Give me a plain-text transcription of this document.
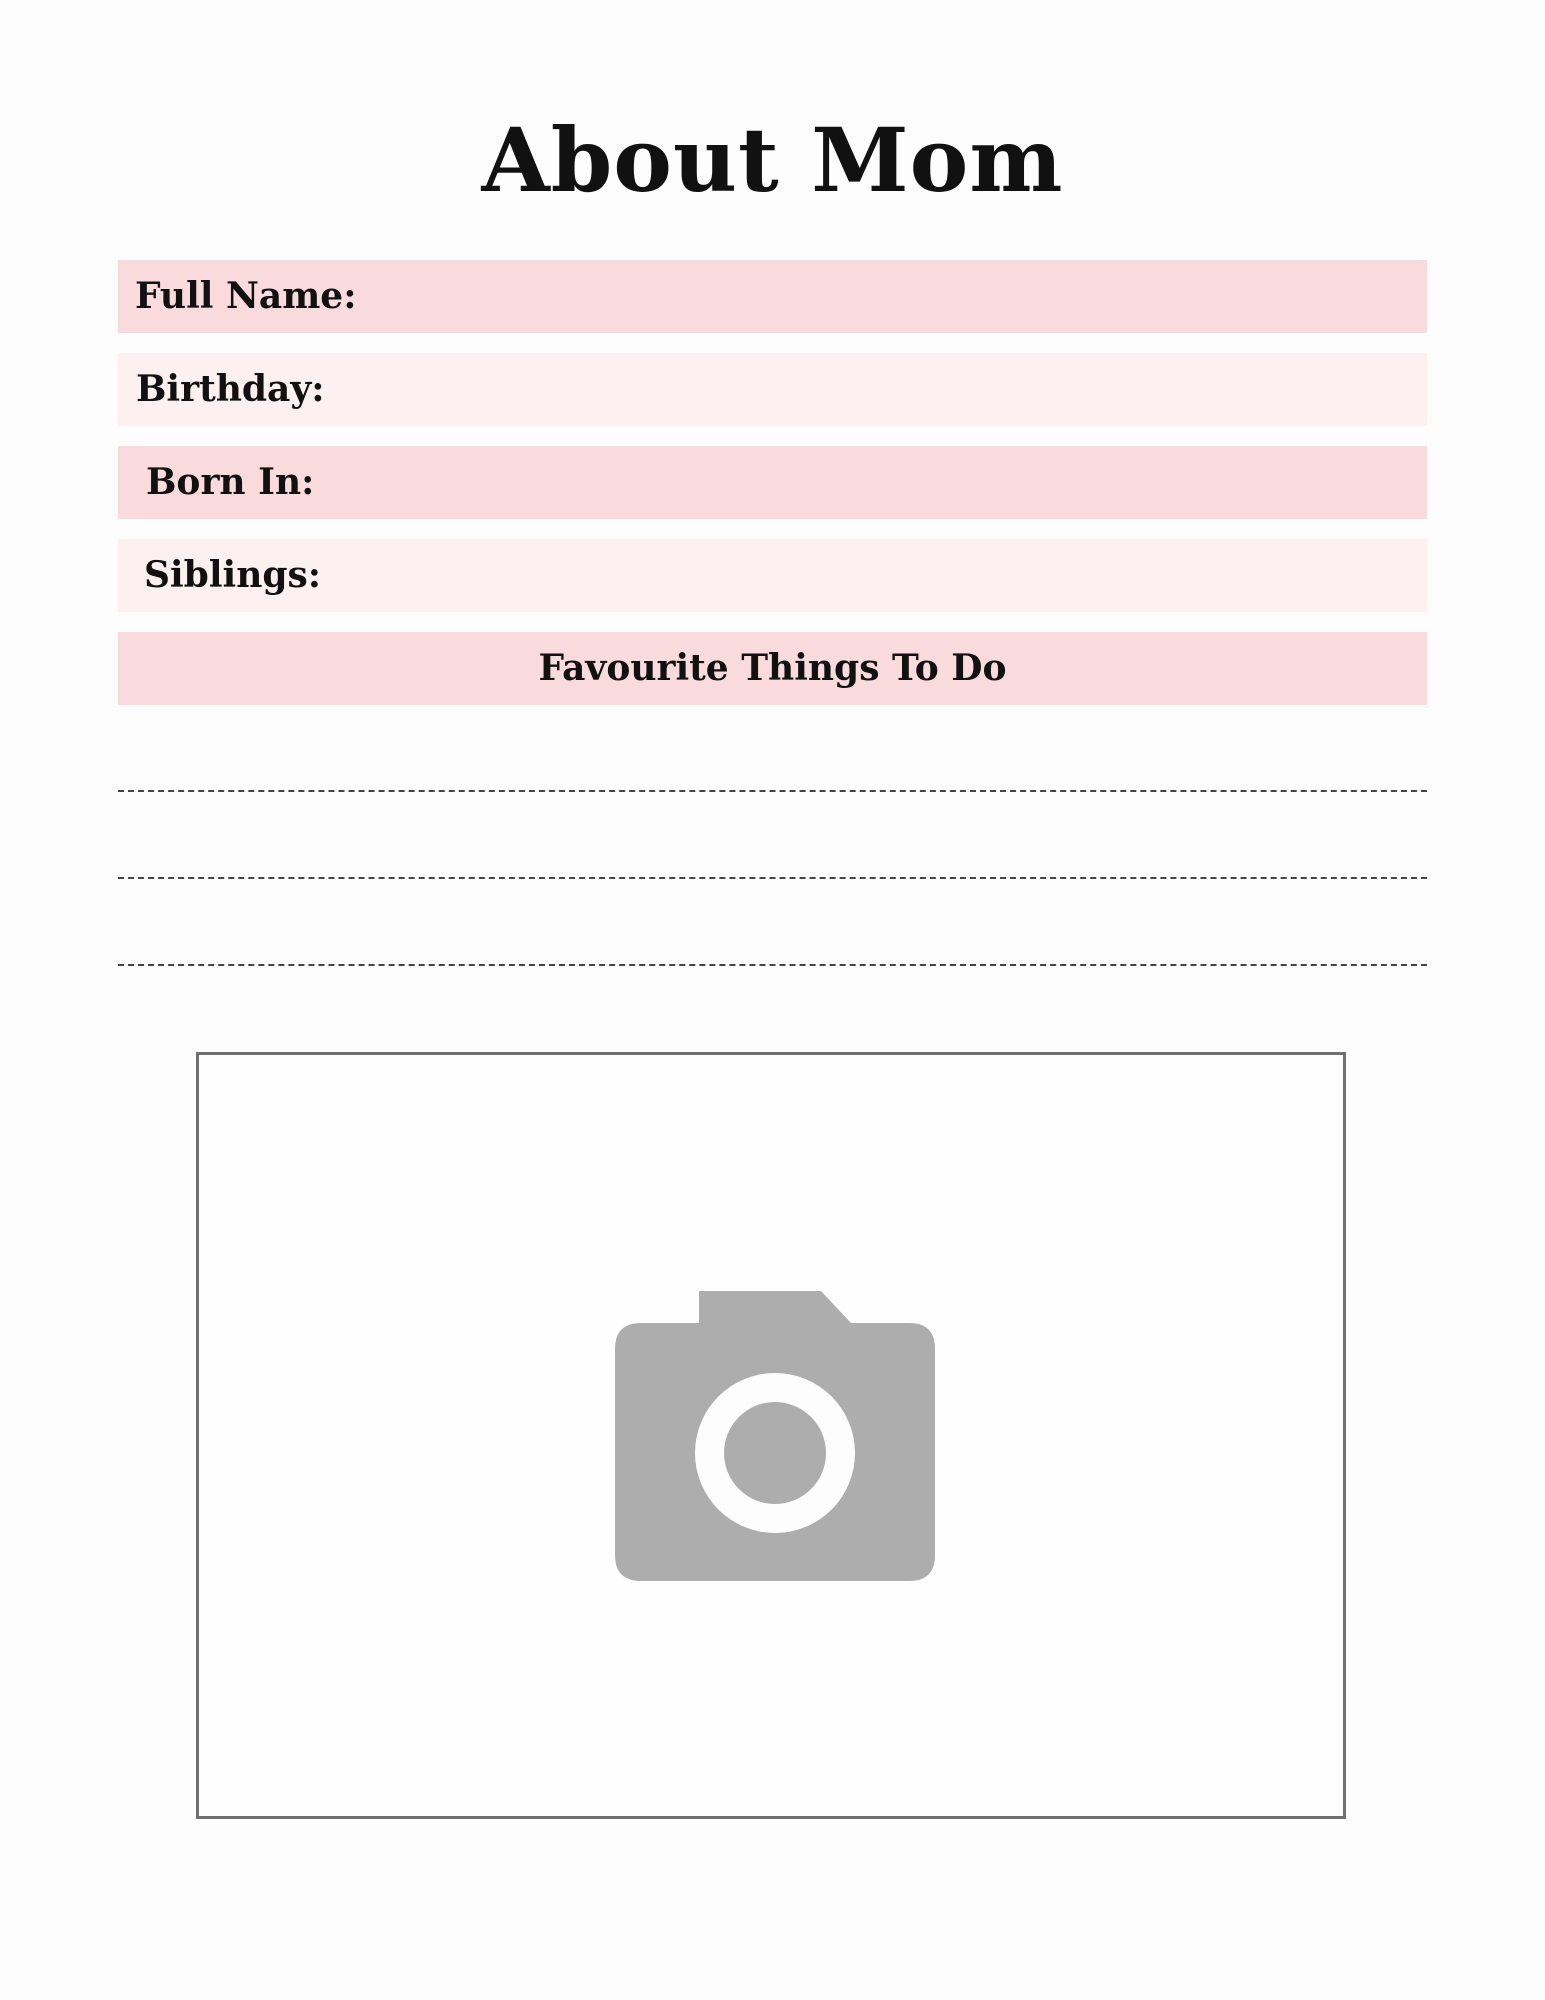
About Mom
Full Name:
Birthday:
Born In:
Siblings:
Favourite Things To Do
